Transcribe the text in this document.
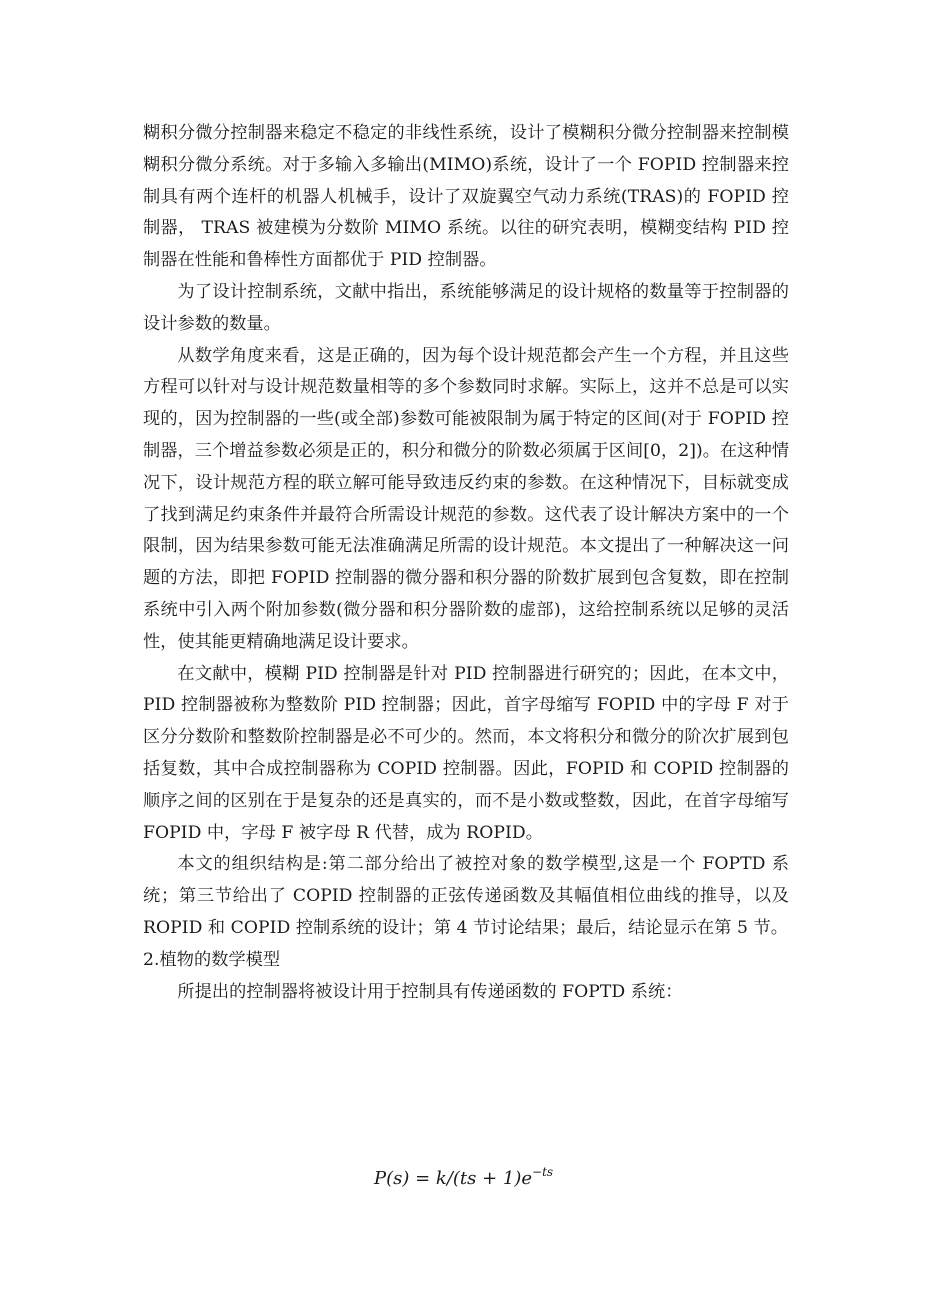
糊积分微分控制器来稳定不稳定的非线性系统，设计了模糊积分微分控制器来控制模糊积分微分系统。对于多输入多输出(MIMO)系统，设计了一个 FOPID 控制器来控制具有两个连杆的机器人机械手，设计了双旋翼空气动力系统(TRAS)的 FOPID 控制器， TRAS 被建模为分数阶 MIMO 系统。以往的研究表明，模糊变结构 PID 控制器在性能和鲁棒性方面都优于 PID 控制器。

为了设计控制系统，文献中指出，系统能够满足的设计规格的数量等于控制器的设计参数的数量。

从数学角度来看，这是正确的，因为每个设计规范都会产生一个方程，并且这些方程可以针对与设计规范数量相等的多个参数同时求解。实际上，这并不总是可以实现的，因为控制器的一些(或全部)参数可能被限制为属于特定的区间(对于 FOPID 控制器，三个增益参数必须是正的，积分和微分的阶数必须属于区间[0，2])。在这种情况下，设计规范方程的联立解可能导致违反约束的参数。在这种情况下，目标就变成了找到满足约束条件并最符合所需设计规范的参数。这代表了设计解决方案中的一个限制，因为结果参数可能无法准确满足所需的设计规范。本文提出了一种解决这一问题的方法，即把 FOPID 控制器的微分器和积分器的阶数扩展到包含复数，即在控制系统中引入两个附加参数(微分器和积分器阶数的虚部)，这给控制系统以足够的灵活性，使其能更精确地满足设计要求。

在文献中，模糊 PID 控制器是针对 PID 控制器进行研究的；因此，在本文中，PID 控制器被称为整数阶 PID 控制器；因此，首字母缩写 FOPID 中的字母 F 对于区分分数阶和整数阶控制器是必不可少的。然而，本文将积分和微分的阶次扩展到包括复数，其中合成控制器称为 COPID 控制器。因此，FOPID 和 COPID 控制器的顺序之间的区别在于是复杂的还是真实的，而不是小数或整数，因此，在首字母缩写 FOPID 中，字母 F 被字母 R 代替，成为 ROPID。

本文的组织结构是:第二部分给出了被控对象的数学模型,这是一个 FOPTD 系统；第三节给出了 COPID 控制器的正弦传递函数及其幅值相位曲线的推导，以及 ROPID 和 COPID 控制系统的设计；第 4 节讨论结果；最后，结论显示在第 5 节。

2.植物的数学模型

所提出的控制器将被设计用于控制具有传递函数的 FOPTD 系统：

$P(s) = k/(ts + 1)e^{-ts}$
